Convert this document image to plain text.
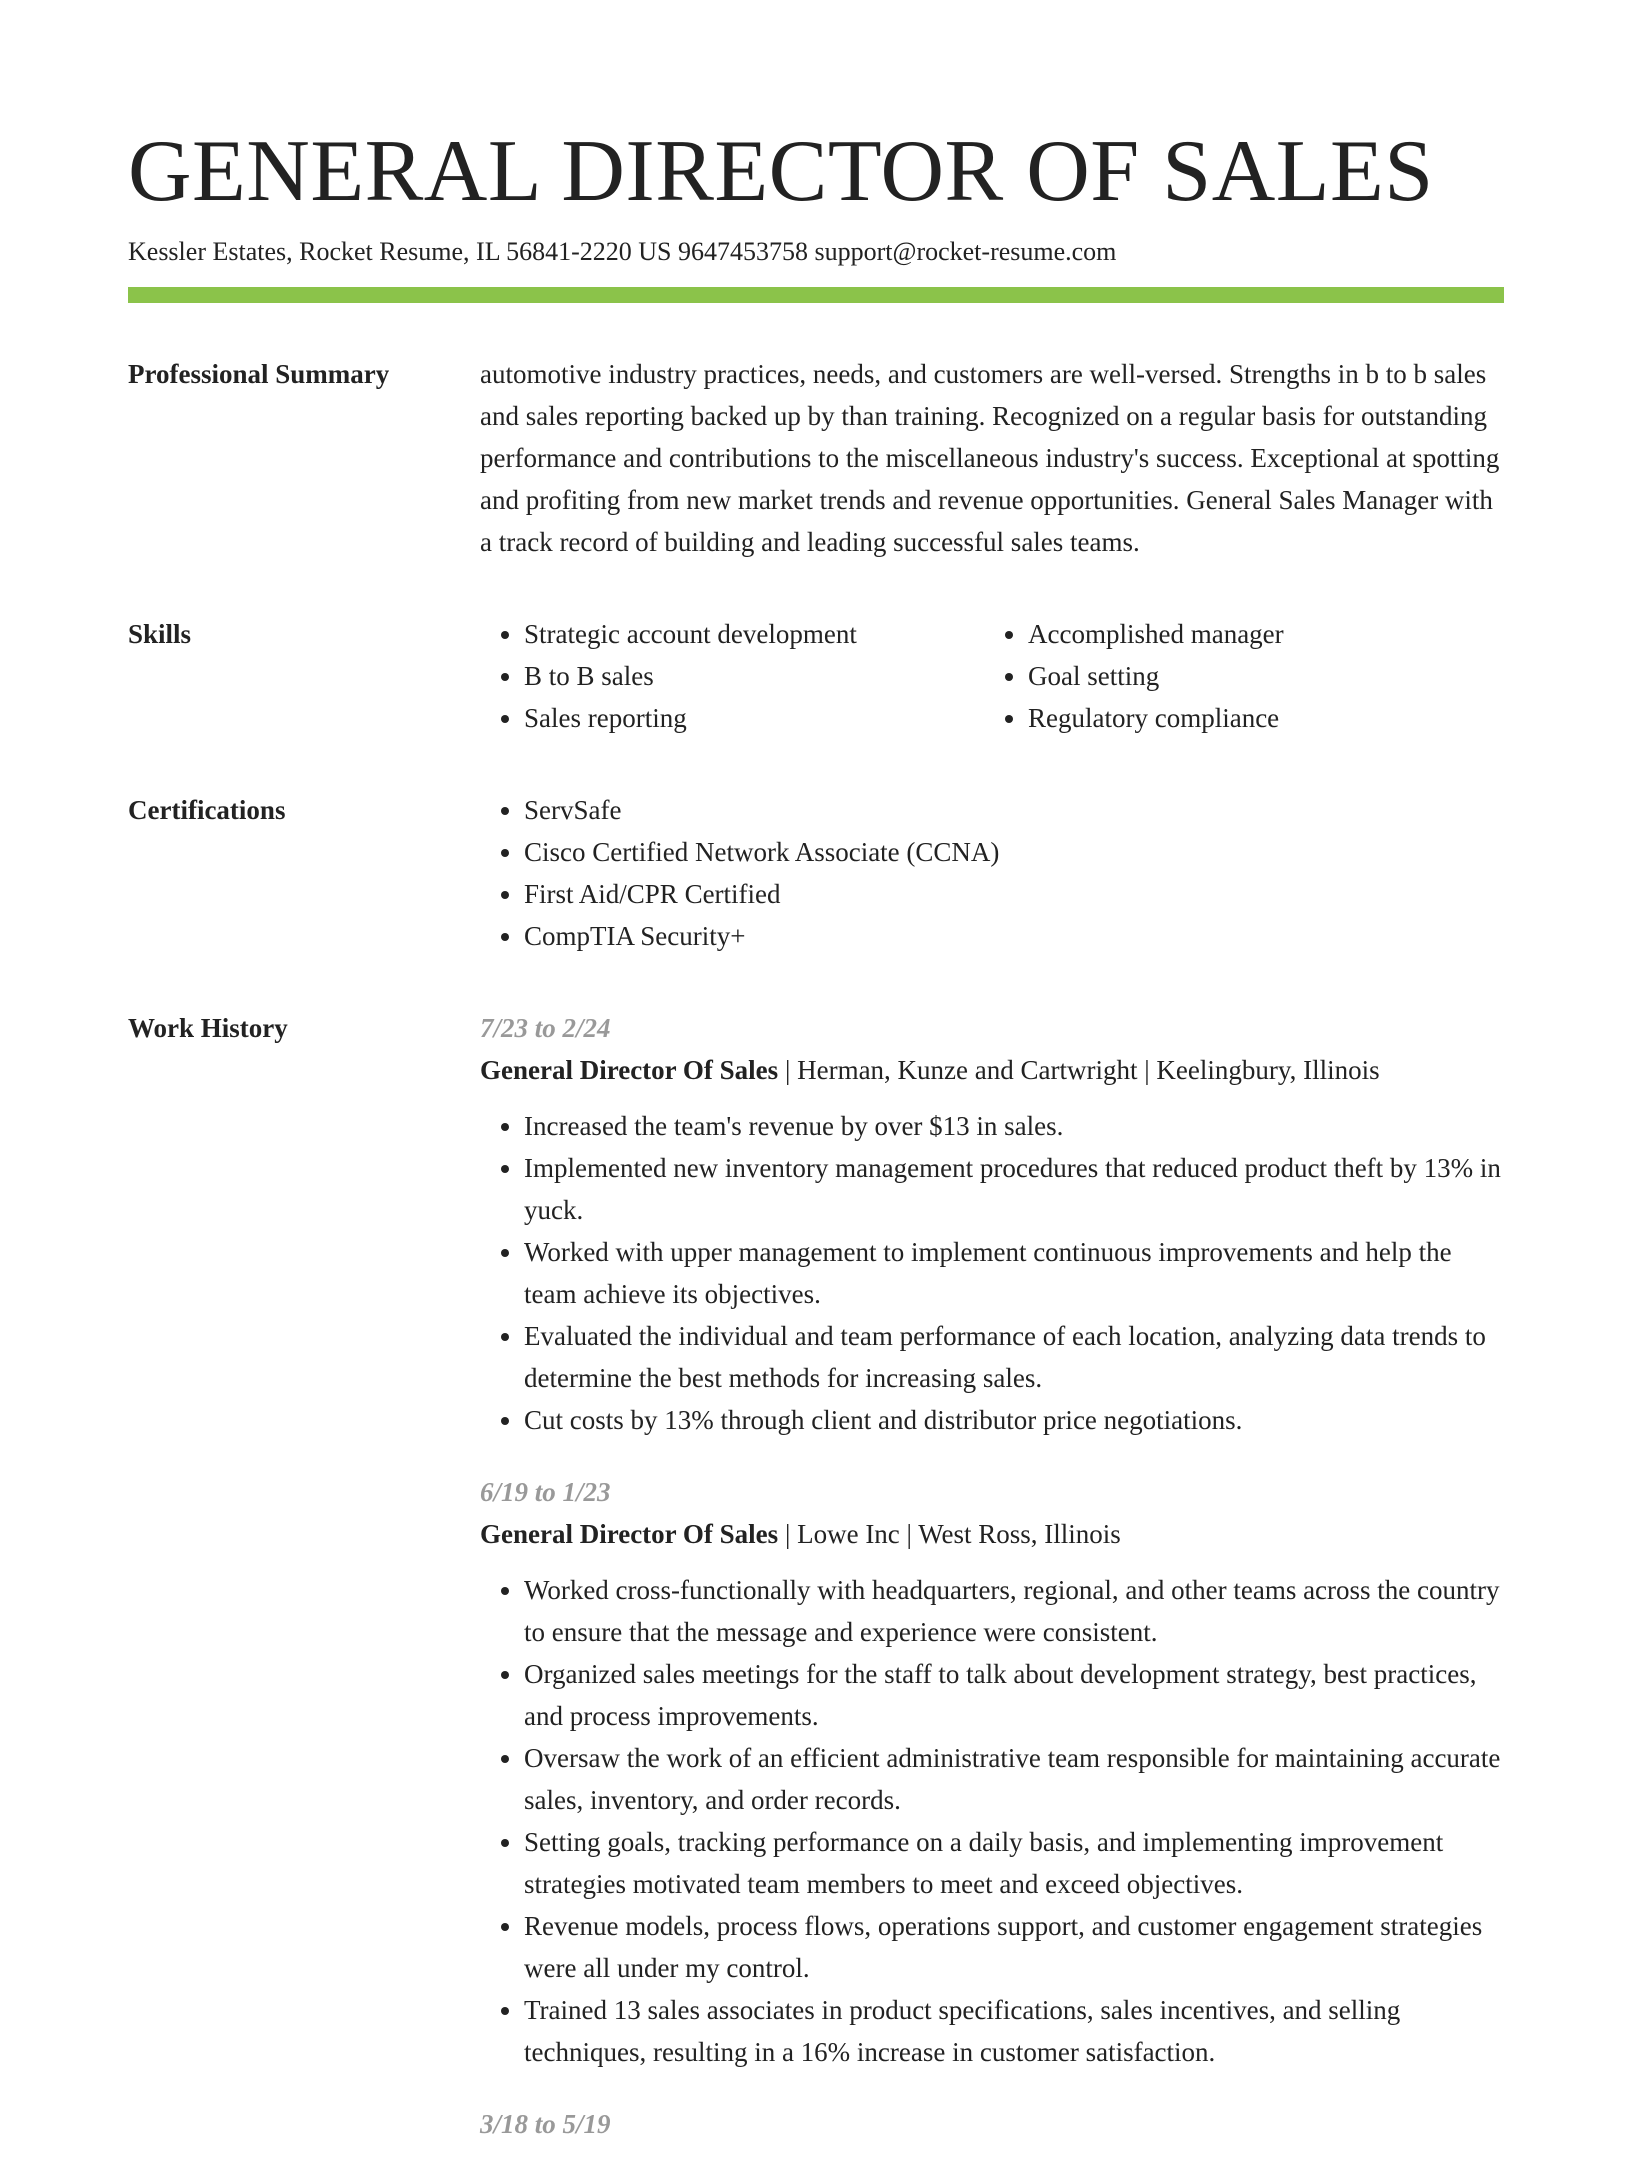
GENERAL DIRECTOR OF SALES
Kessler Estates, Rocket Resume, IL 56841-2220 US 9647453758 support@rocket-resume.com
Professional Summary	automotive industry practices, needs, and customers are well-versed. Strengths in b to b sales and sales reporting backed up by than training. Recognized on a regular basis for outstanding performance and contributions to the miscellaneous industry's success. Exceptional at spotting and profiting from new market trends and revenue opportunities. General Sales Manager with a track record of building and leading successful sales teams.

Skills	• Strategic account development
• B to B sales
• Sales reporting
• Accomplished manager
• Goal setting
• Regulatory compliance
Certifications	• ServSafe
• Cisco Certified Network Associate (CCNA)
• First Aid/CPR Certified
• CompTIA Security+
Work History	7/23 to 2/24
General Director Of Sales | Herman, Kunze and Cartwright | Keelingbury, Illinois
• Increased the team's revenue by over $13 in sales.
• Implemented new inventory management procedures that reduced product theft by 13% in yuck.
• Worked with upper management to implement continuous improvements and help the team achieve its objectives.
• Evaluated the individual and team performance of each location, analyzing data trends to determine the best methods for increasing sales.
• Cut costs by 13% through client and distributor price negotiations.
6/19 to 1/23
General Director Of Sales | Lowe Inc | West Ross, Illinois
• Worked cross-functionally with headquarters, regional, and other teams across the country to ensure that the message and experience were consistent.
• Organized sales meetings for the staff to talk about development strategy, best practices, and process improvements.
• Oversaw the work of an efficient administrative team responsible for maintaining accurate sales, inventory, and order records.
• Setting goals, tracking performance on a daily basis, and implementing improvement strategies motivated team members to meet and exceed objectives.
• Revenue models, process flows, operations support, and customer engagement strategies were all under my control.
• Trained 13 sales associates in product specifications, sales incentives, and selling techniques, resulting in a 16% increase in customer satisfaction.
3/18 to 5/19
